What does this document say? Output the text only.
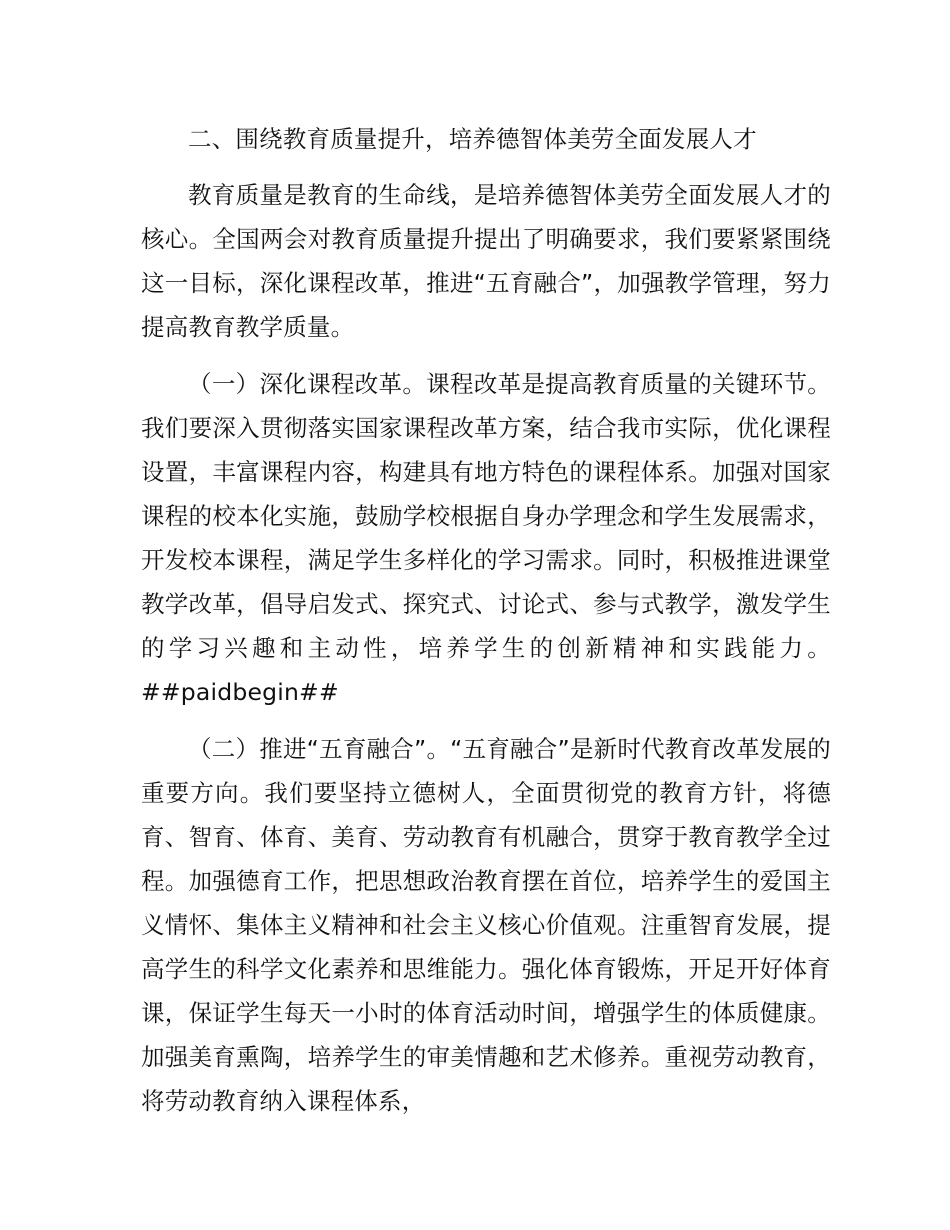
二、围绕教育质量提升，培养德智体美劳全面发展人才

教育质量是教育的生命线，是培养德智体美劳全面发展人才的核心。全国两会对教育质量提升提出了明确要求，我们要紧紧围绕这一目标，深化课程改革，推进“五育融合”，加强教学管理，努力提高教育教学质量。

（一）深化课程改革。课程改革是提高教育质量的关键环节。我们要深入贯彻落实国家课程改革方案，结合我市实际，优化课程设置，丰富课程内容，构建具有地方特色的课程体系。加强对国家课程的校本化实施，鼓励学校根据自身办学理念和学生发展需求，开发校本课程，满足学生多样化的学习需求。同时，积极推进课堂教学改革，倡导启发式、探究式、讨论式、参与式教学，激发学生的学习兴趣和主动性，培养学生的创新精神和实践能力。##paidbegin##

（二）推进“五育融合”。“五育融合”是新时代教育改革发展的重要方向。我们要坚持立德树人，全面贯彻党的教育方针，将德育、智育、体育、美育、劳动教育有机融合，贯穿于教育教学全过程。加强德育工作，把思想政治教育摆在首位，培养学生的爱国主义情怀、集体主义精神和社会主义核心价值观。注重智育发展，提高学生的科学文化素养和思维能力。强化体育锻炼，开足开好体育课，保证学生每天一小时的体育活动时间，增强学生的体质健康。加强美育熏陶，培养学生的审美情趣和艺术修养。重视劳动教育，将劳动教育纳入课程体系，
